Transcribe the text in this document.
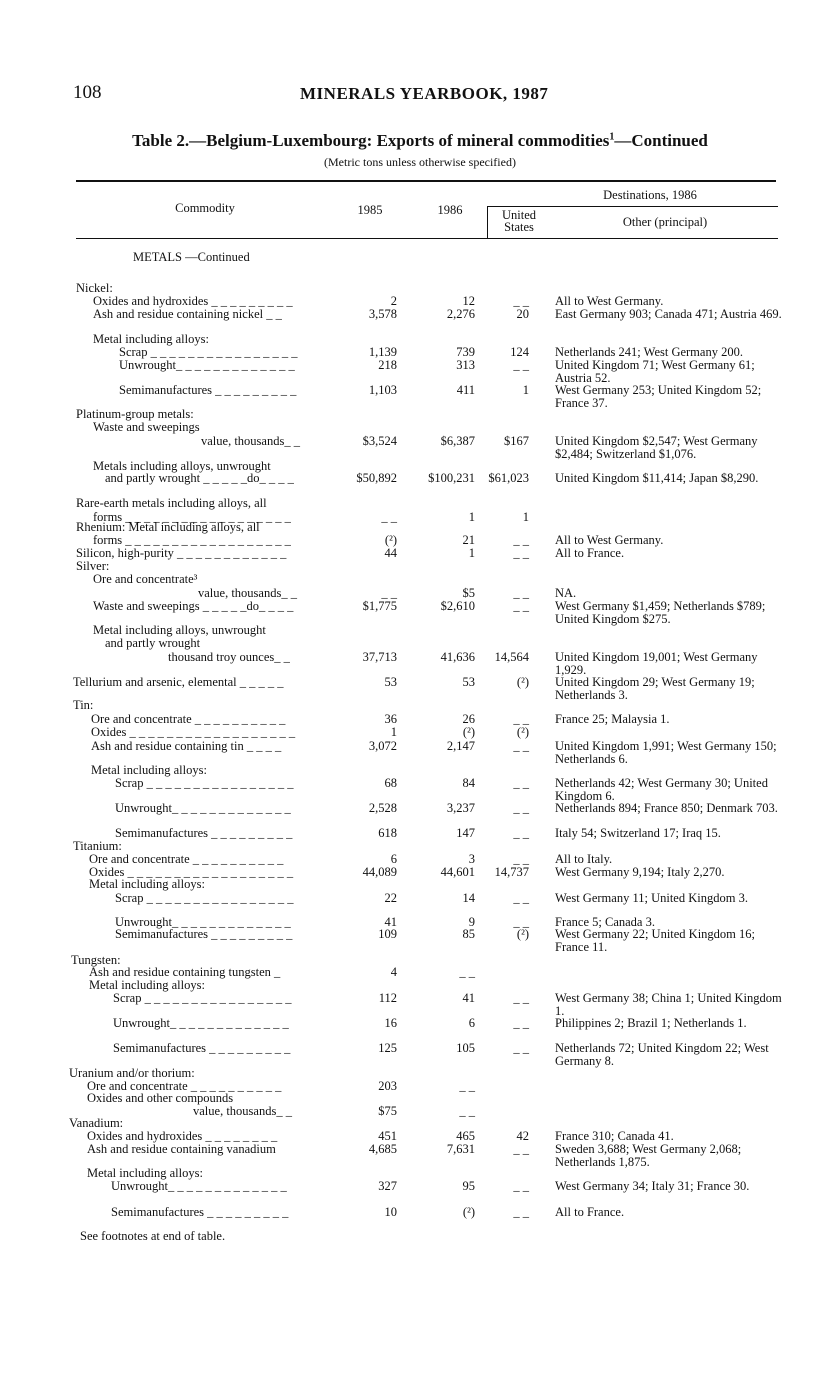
108	MINERALS YEARBOOK, 1987
Table 2.—Belgium-Luxembourg: Exports of mineral commodities$^1$—Continued
(Metric tons unless otherwise specified)
Commodity	1985	1986
Destinations, 1986
United
States	Other (principal)
METALS —Continued
Nickel:
Oxides and hydroxides _ _ _ _ _ _ _ _ _	2	12	_ _ All to West Germany.
Ash and residue containing nickel _ _	3,578	2,276	20 East Germany 903; Canada 471; Austria 469.
Metal including alloys:
Scrap _ _ _ _ _ _ _ _ _ _ _ _ _ _ _ _	1,139	739	124 Netherlands 241; West Germany 200.
Unwrought_ _ _ _ _ _ _ _ _ _ _ _ _	218	313	_ _ United Kingdom 71; West Germany 61; Austria 52.
Semimanufactures _ _ _ _ _ _ _ _ _	1,103	411	1 West Germany 253; United Kingdom 52; France 37.
Platinum-group metals:
Waste and sweepings
value, thousands_ _	$3,524	$6,387 $167 United Kingdom $2,547; West Germany $2,484; Switzerland $1,076.
Metals including alloys, unwrought
and partly wrought _ _ _ _ _do_ _ _ _	$50,892 $100,231 $61,023 United Kingdom $11,414; Japan $8,290.
Rare-earth metals including alloys, all
forms _ _ _ _ _ _ _ _ _ _ _ _ _ _ _ _ _ _	_ _	1	1
Rhenium: Metal including alloys, all
forms _ _ _ _ _ _ _ _ _ _ _ _ _ _ _ _ _ _	(²)	21	_ _ All to West Germany.
Silicon, high-purity _ _ _ _ _ _ _ _ _ _ _ _	44	1	_ _ All to France.
Silver:
Ore and concentrate³
value, thousands_ _	_ _	$5	_ _ NA.
Waste and sweepings _ _ _ _ _do_ _ _ _	$1,775	$2,610	_ _ West Germany $1,459; Netherlands $789; United Kingdom $275.
Metal including alloys, unwrought
and partly wrought
thousand troy ounces_ _	37,713	41,636 14,564 United Kingdom 19,001; West Germany 1,929.
Tellurium and arsenic, elemental _ _ _ _ _	53	53	(²) United Kingdom 29; West Germany 19; Netherlands 3.
Tin:
Ore and concentrate _ _ _ _ _ _ _ _ _ _	36	26	_ _ France 25; Malaysia 1.
Oxides _ _ _ _ _ _ _ _ _ _ _ _ _ _ _ _ _ _	1	(²)	(²)
Ash and residue containing tin _ _ _ _	3,072	2,147	_ _ United Kingdom 1,991; West Germany 150; Netherlands 6.
Metal including alloys:
Scrap _ _ _ _ _ _ _ _ _ _ _ _ _ _ _ _	68	84	_ _ Netherlands 42; West Germany 30; United Kingdom 6.
Unwrought_ _ _ _ _ _ _ _ _ _ _ _ _	2,528	3,237	_ _ Netherlands 894; France 850; Denmark 703.
Semimanufactures _ _ _ _ _ _ _ _ _	618	147	_ _ Italy 54; Switzerland 17; Iraq 15.
Titanium:
Ore and concentrate _ _ _ _ _ _ _ _ _ _	6	3	_ _ All to Italy.
Oxides _ _ _ _ _ _ _ _ _ _ _ _ _ _ _ _ _ _	44,089	44,601 14,737 West Germany 9,194; Italy 2,270.
Metal including alloys:
Scrap _ _ _ _ _ _ _ _ _ _ _ _ _ _ _ _	22	14	_ _ West Germany 11; United Kingdom 3.
Unwrought_ _ _ _ _ _ _ _ _ _ _ _ _	41	9	_ _ France 5; Canada 3.
Semimanufactures _ _ _ _ _ _ _ _ _	109	85	(²) West Germany 22; United Kingdom 16; France 11.
Tungsten:
Ash and residue containing tungsten _	4	_ _
Metal including alloys:
Scrap _ _ _ _ _ _ _ _ _ _ _ _ _ _ _ _	112	41	_ _ West Germany 38; China 1; United Kingdom 1.
Unwrought_ _ _ _ _ _ _ _ _ _ _ _ _	16	6	_ _ Philippines 2; Brazil 1; Netherlands 1.
Semimanufactures _ _ _ _ _ _ _ _ _	125	105	_ _ Netherlands 72; United Kingdom 22; West Germany 8.
Uranium and/or thorium:
Ore and concentrate _ _ _ _ _ _ _ _ _ _	203	_ _
Oxides and other compounds
value, thousands_ _	$75	_ _
Vanadium:
Oxides and hydroxides _ _ _ _ _ _ _ _	451	465	42 France 310; Canada 41.
Ash and residue containing vanadium	4,685	7,631	_ _ Sweden 3,688; West Germany 2,068; Netherlands 1,875.
Metal including alloys:
Unwrought_ _ _ _ _ _ _ _ _ _ _ _ _	327	95	_ _ West Germany 34; Italy 31; France 30.
Semimanufactures _ _ _ _ _ _ _ _ _	10	(²)	_ _ All to France.
See footnotes at end of table.
